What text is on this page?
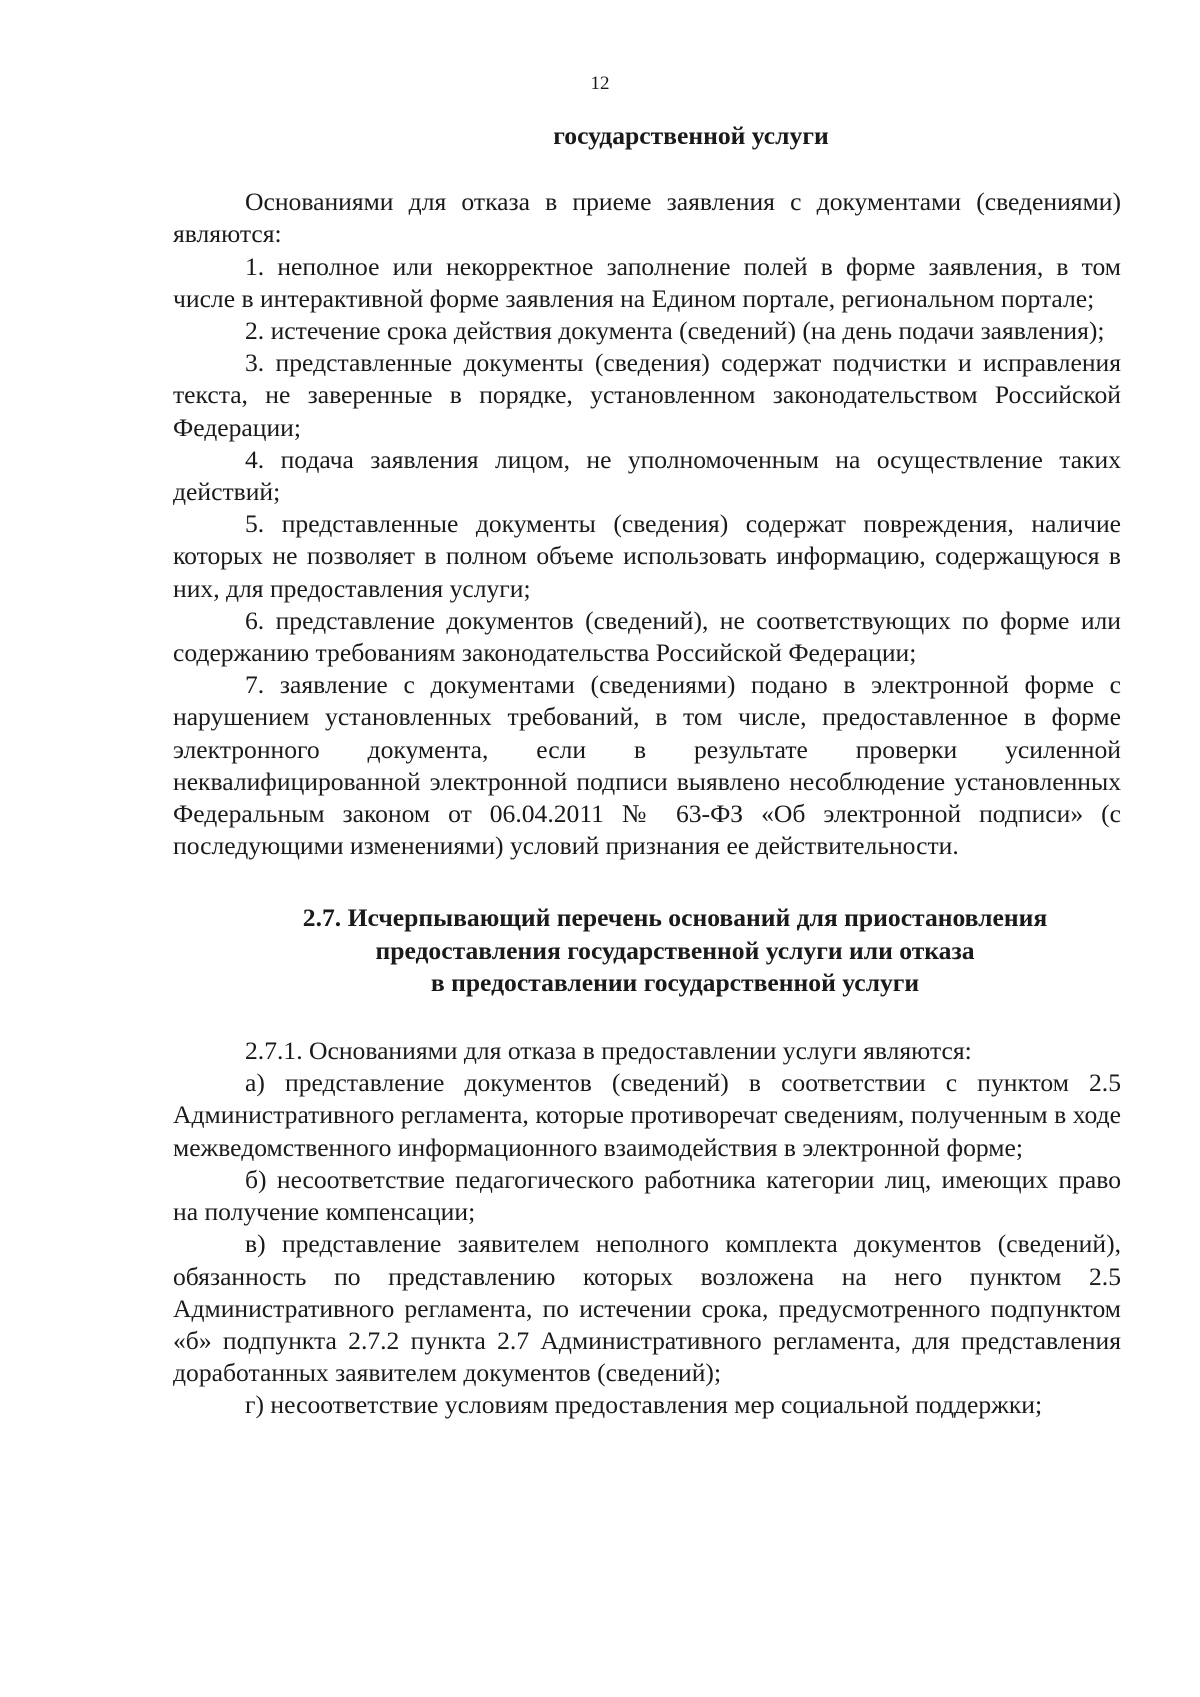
12

государственной услуги

Основаниями для отказа в приеме заявления с документами (сведениями) являются:

1. неполное или некорректное заполнение полей в форме заявления, в том числе в интерактивной форме заявления на Едином портале, региональном портале;

2. истечение срока действия документа (сведений) (на день подачи заявления);

3. представленные документы (сведения) содержат подчистки и исправления текста, не заверенные в порядке, установленном законодательством Российской Федерации;

4. подача заявления лицом, не уполномоченным на осуществление таких действий;

5. представленные документы (сведения) содержат повреждения, наличие которых не позволяет в полном объеме использовать информацию, содержащуюся в них, для предоставления услуги;

6. представление документов (сведений), не соответствующих по форме или содержанию требованиям законодательства Российской Федерации;

7. заявление с документами (сведениями) подано в электронной форме с нарушением установленных требований, в том числе, предоставленное в форме электронного документа, если в результате проверки усиленной неквалифицированной электронной подписи выявлено несоблюдение установленных Федеральным законом от 06.04.2011 № 63-ФЗ «Об электронной подписи» (с последующими изменениями) условий признания ее действительности.

2.7. Исчерпывающий перечень оснований для приостановления
предоставления государственной услуги или отказа
в предоставлении государственной услуги

2.7.1. Основаниями для отказа в предоставлении услуги являются:

а) представление документов (сведений) в соответствии с пунктом 2.5 Административного регламента, которые противоречат сведениям, полученным в ходе межведомственного информационного взаимодействия в электронной форме;

б) несоответствие педагогического работника категории лиц, имеющих право на получение компенсации;

в) представление заявителем неполного комплекта документов (сведений), обязанность по представлению которых возложена на него пунктом 2.5 Административного регламента, по истечении срока, предусмотренного подпунктом «б» подпункта 2.7.2 пункта 2.7 Административного регламента, для представления доработанных заявителем документов (сведений);

г) несоответствие условиям предоставления мер социальной поддержки;
